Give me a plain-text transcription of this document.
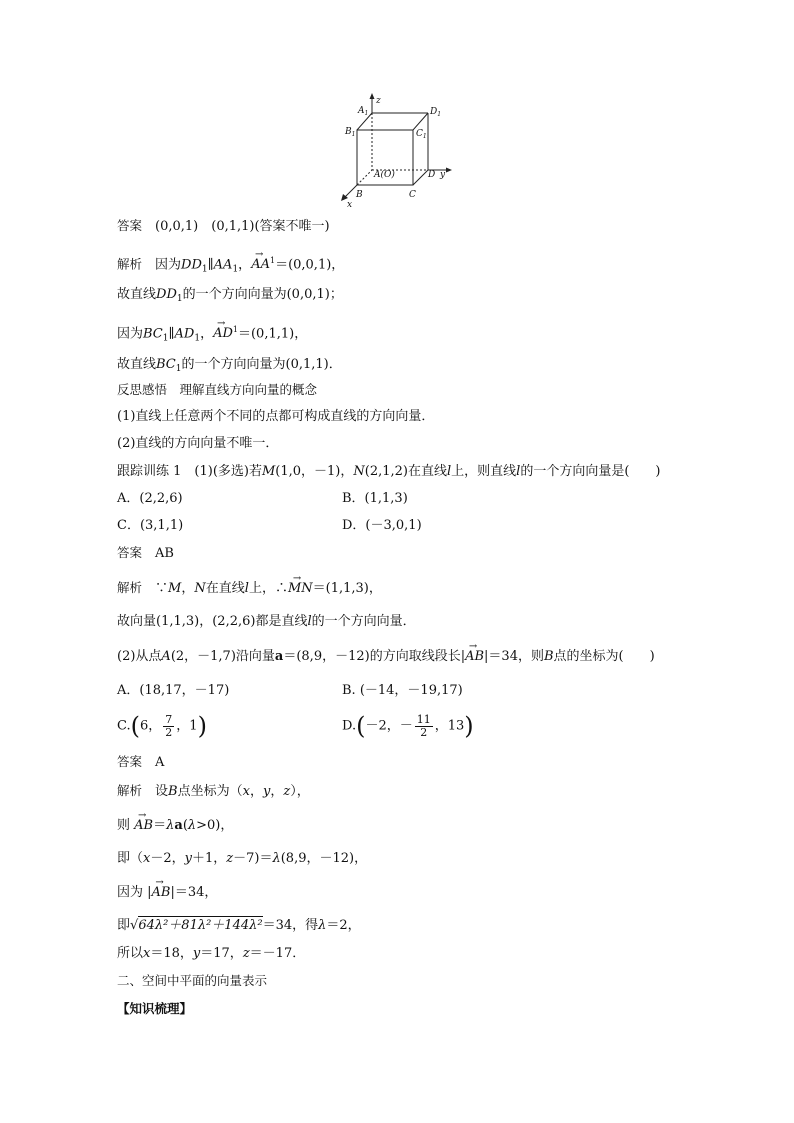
z
$A_1$	$D_1$
$B_1$	$C_1$
A(O)	D y
B	C
x
答案　 (0,0,1)　(0,1,1)(答案不唯一)
解析　 因为$DD_1\parallel AA_1$，→ $AA^1=(0,0,1)$，
故直线$DD_1$的一个方向向量为(0,0,1)；
因为$BC_1\parallel AD_1$，→ $AD^1=(0,1,1)$，
故直线$BC_1$的一个方向向量为(0,1,1)．
反思感悟　理解直线方向向量的概念
(1)直线上任意两个不同的点都可构成直线的方向向量．
(2)直线的方向向量不唯一．
跟踪训练 1　(1)(多选)若M(1,0，－1)，N(2,1,2)在直线l上，则直线l的一个方向向量是(　　)
A．(2,2,6)	B．(1,1,3)
C．(3,1,1)	D．(－3,0,1)
答案　 AB
解析　 ∵M，N在直线l上，∴→ MN＝(1,1,3)，
故向量(1,1,3)，(2,2,6)都是直线l的一个方向向量．
(2)从点A(2，－1,7)沿向量a＝(8,9，－12)的方向取线段长|→ AB|＝34，则B点的坐标为(　　)
A．(18,17，－17)	B. (－14，－19,17)
C.(6， $\frac{7}{2}$ ，1)	D.(－2，－ $\frac{11}{2}$ ，13)
答案　 A
解析　 设B点坐标为（x，y，z），
则 → AB＝λa(λ>0)，
即（x－2，y＋1，z－7)＝λ(8,9，－12)，
因为 |→ AB|＝34，
即√64λ²＋81λ²＋144λ²＝34，得λ＝2，
所以x＝18，y＝17，z＝－17．
二、空间中平面的向量表示
【知识梳理】
